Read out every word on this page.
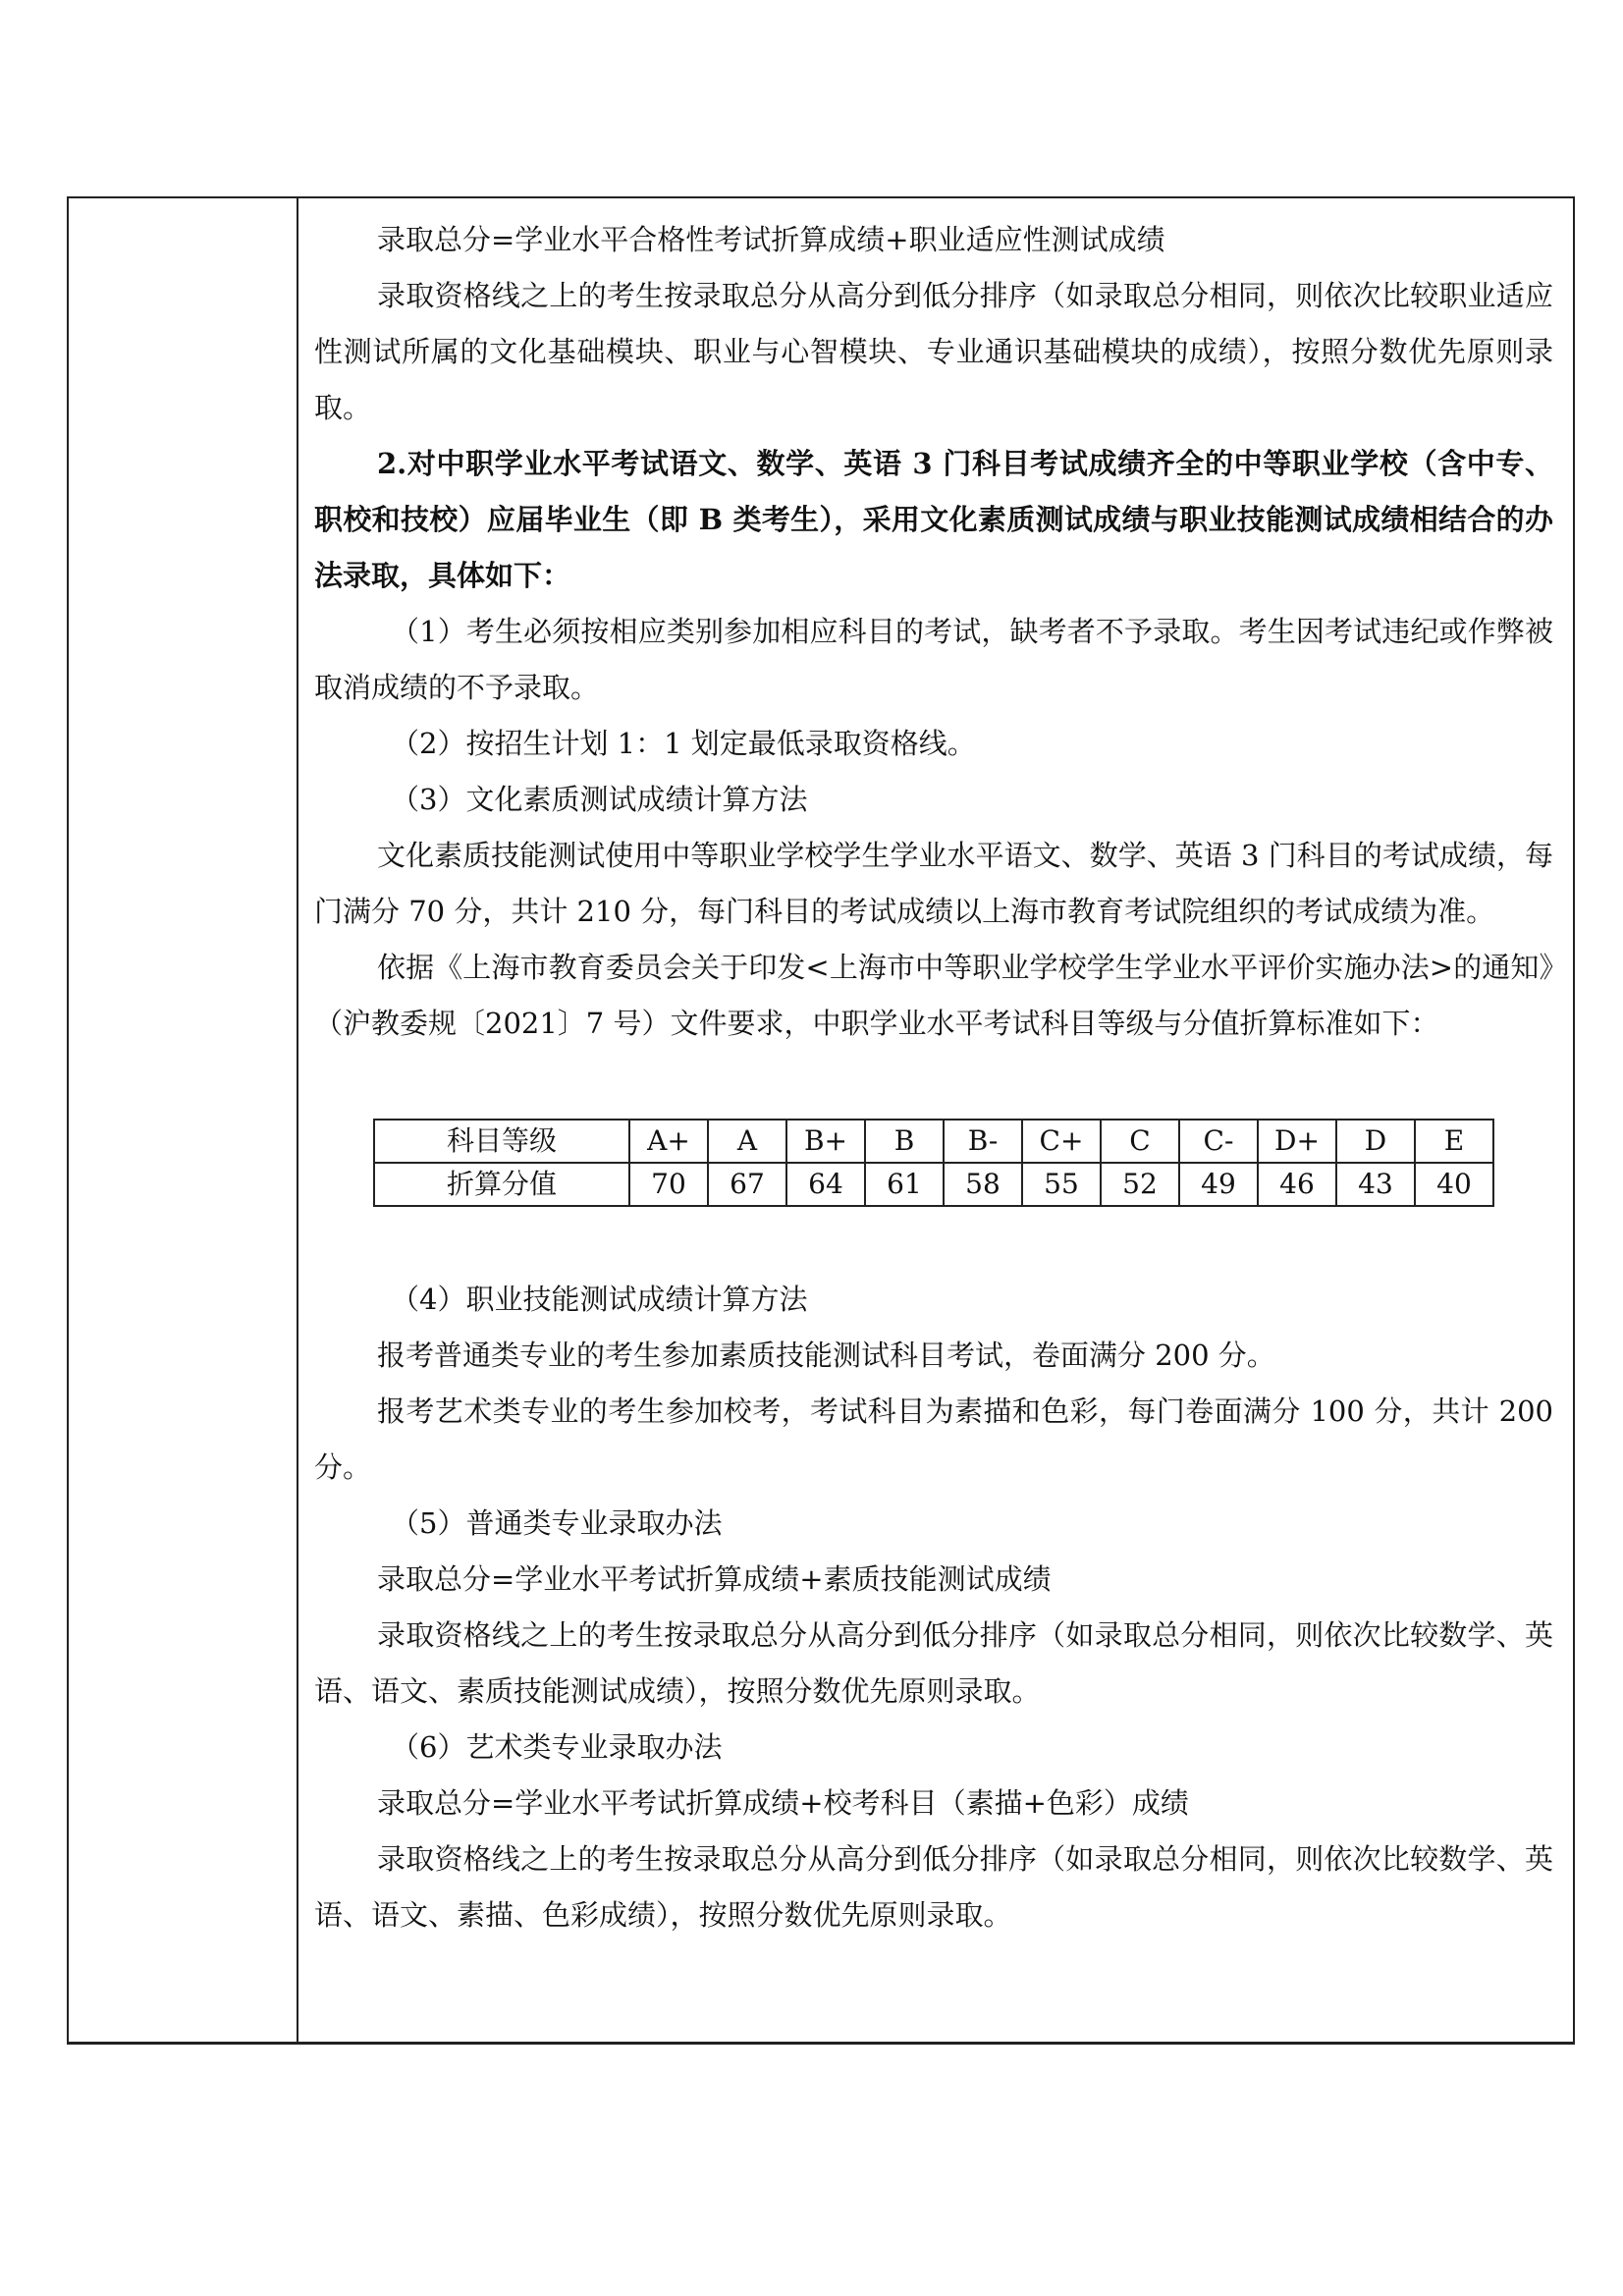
录取总分=学业水平合格性考试折算成绩+职业适应性测试成绩

录取资格线之上的考生按录取总分从高分到低分排序（如录取总分相同，则依次比较职业适应性测试所属的文化基础模块、职业与心智模块、专业通识基础模块的成绩），按照分数优先原则录取。

2.对中职学业水平考试语文、数学、英语 3 门科目考试成绩齐全的中等职业学校（含中专、职校和技校）应届毕业生（即 B 类考生），采用文化素质测试成绩与职业技能测试成绩相结合的办法录取，具体如下：

（1）考生必须按相应类别参加相应科目的考试，缺考者不予录取。考生因考试违纪或作弊被取消成绩的不予录取。

（2）按招生计划 1：1 划定最低录取资格线。

（3）文化素质测试成绩计算方法

文化素质技能测试使用中等职业学校学生学业水平语文、数学、英语 3 门科目的考试成绩，每门满分 70 分，共计 210 分，每门科目的考试成绩以上海市教育考试院组织的考试成绩为准。

依据《上海市教育委员会关于印发<上海市中等职业学校学生学业水平评价实施办法>的通知》（沪教委规〔2021〕7 号）文件要求，中职学业水平考试科目等级与分值折算标准如下：

科目等级	A+	A	B+	B	B-	C+	C	C-	D+	D	E
折算分值	70	67	64	61	58	55	52	49	46	43	40

（4）职业技能测试成绩计算方法

报考普通类专业的考生参加素质技能测试科目考试，卷面满分 200 分。

报考艺术类专业的考生参加校考，考试科目为素描和色彩，每门卷面满分 100 分，共计 200 分。

（5）普通类专业录取办法

录取总分=学业水平考试折算成绩+素质技能测试成绩

录取资格线之上的考生按录取总分从高分到低分排序（如录取总分相同，则依次比较数学、英语、语文、素质技能测试成绩），按照分数优先原则录取。

（6）艺术类专业录取办法

录取总分=学业水平考试折算成绩+校考科目（素描+色彩）成绩

录取资格线之上的考生按录取总分从高分到低分排序（如录取总分相同，则依次比较数学、英语、语文、素描、色彩成绩），按照分数优先原则录取。
